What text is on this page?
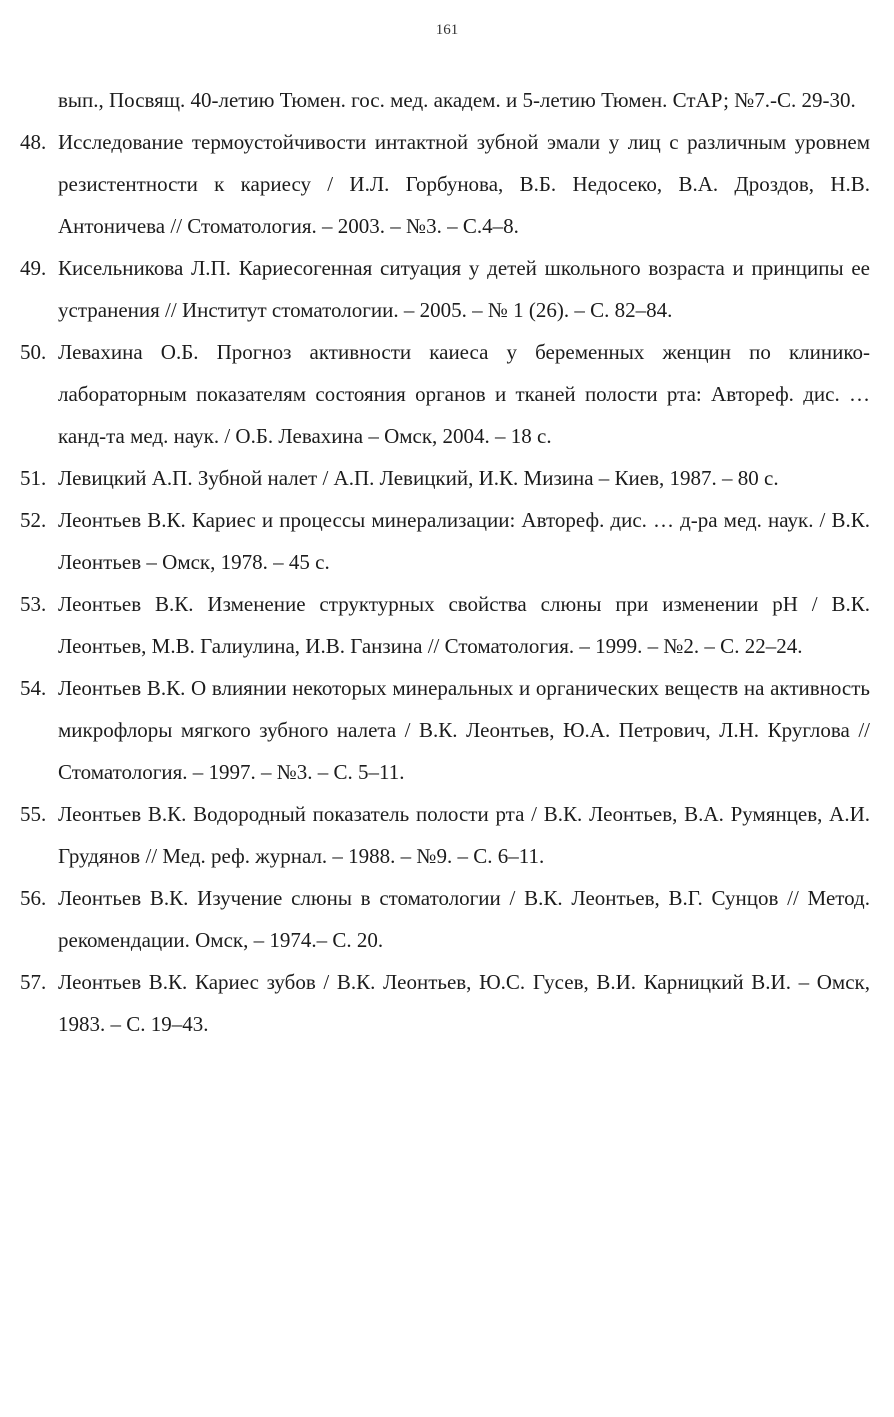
161
вып., Посвящ. 40-летию Тюмен. гос. мед. академ. и 5-летию Тюмен. СтАР; №7.-С. 29-30.
48. Исследование термоустойчивости интактной зубной эмали у лиц с различным уровнем резистентности к кариесу / И.Л. Горбунова, В.Б. Недосеко, В.А. Дроздов, Н.В. Антоничева // Стоматология. – 2003. – №3. – С.4–8.
49. Кисельникова Л.П. Кариесогенная ситуация у детей школьного возраста и принципы ее устранения // Институт стоматологии. – 2005. – № 1 (26). – С. 82–84.
50. Левахина О.Б. Прогноз активности каиеса у беременных женцин по клинико-лабораторным показателям состояния органов и тканей полости рта: Автореф. дис. … канд-та мед. наук. / О.Б. Левахина – Омск, 2004. – 18 с.
51. Левицкий А.П. Зубной налет / А.П. Левицкий, И.К. Мизина – Киев, 1987. – 80 с.
52. Леонтьев В.К. Кариес и процессы минерализации: Автореф. дис. … д-ра мед. наук. / В.К. Леонтьев – Омск, 1978. – 45 с.
53. Леонтьев В.К. Изменение структурных свойства слюны при изменении pH / В.К. Леонтьев, М.В. Галиулина, И.В. Ганзина // Стоматология. – 1999. – №2. – С. 22–24.
54. Леонтьев В.К. О влиянии некоторых минеральных и органических веществ на активность микрофлоры мягкого зубного налета / В.К. Леонтьев, Ю.А. Петрович, Л.Н. Круглова // Стоматология. – 1997. – №3. – С. 5–11.
55. Леонтьев В.К. Водородный показатель полости рта / В.К. Леонтьев, В.А. Румянцев, А.И. Грудянов // Мед. реф. журнал. – 1988. – №9. – С. 6–11.
56. Леонтьев В.К. Изучение слюны в стоматологии / В.К. Леонтьев, В.Г. Сунцов // Метод. рекомендации. Омск, – 1974.– С. 20.
57. Леонтьев В.К. Кариес зубов / В.К. Леонтьев, Ю.С. Гусев, В.И. Карницкий В.И. – Омск, 1983. – С. 19–43.
